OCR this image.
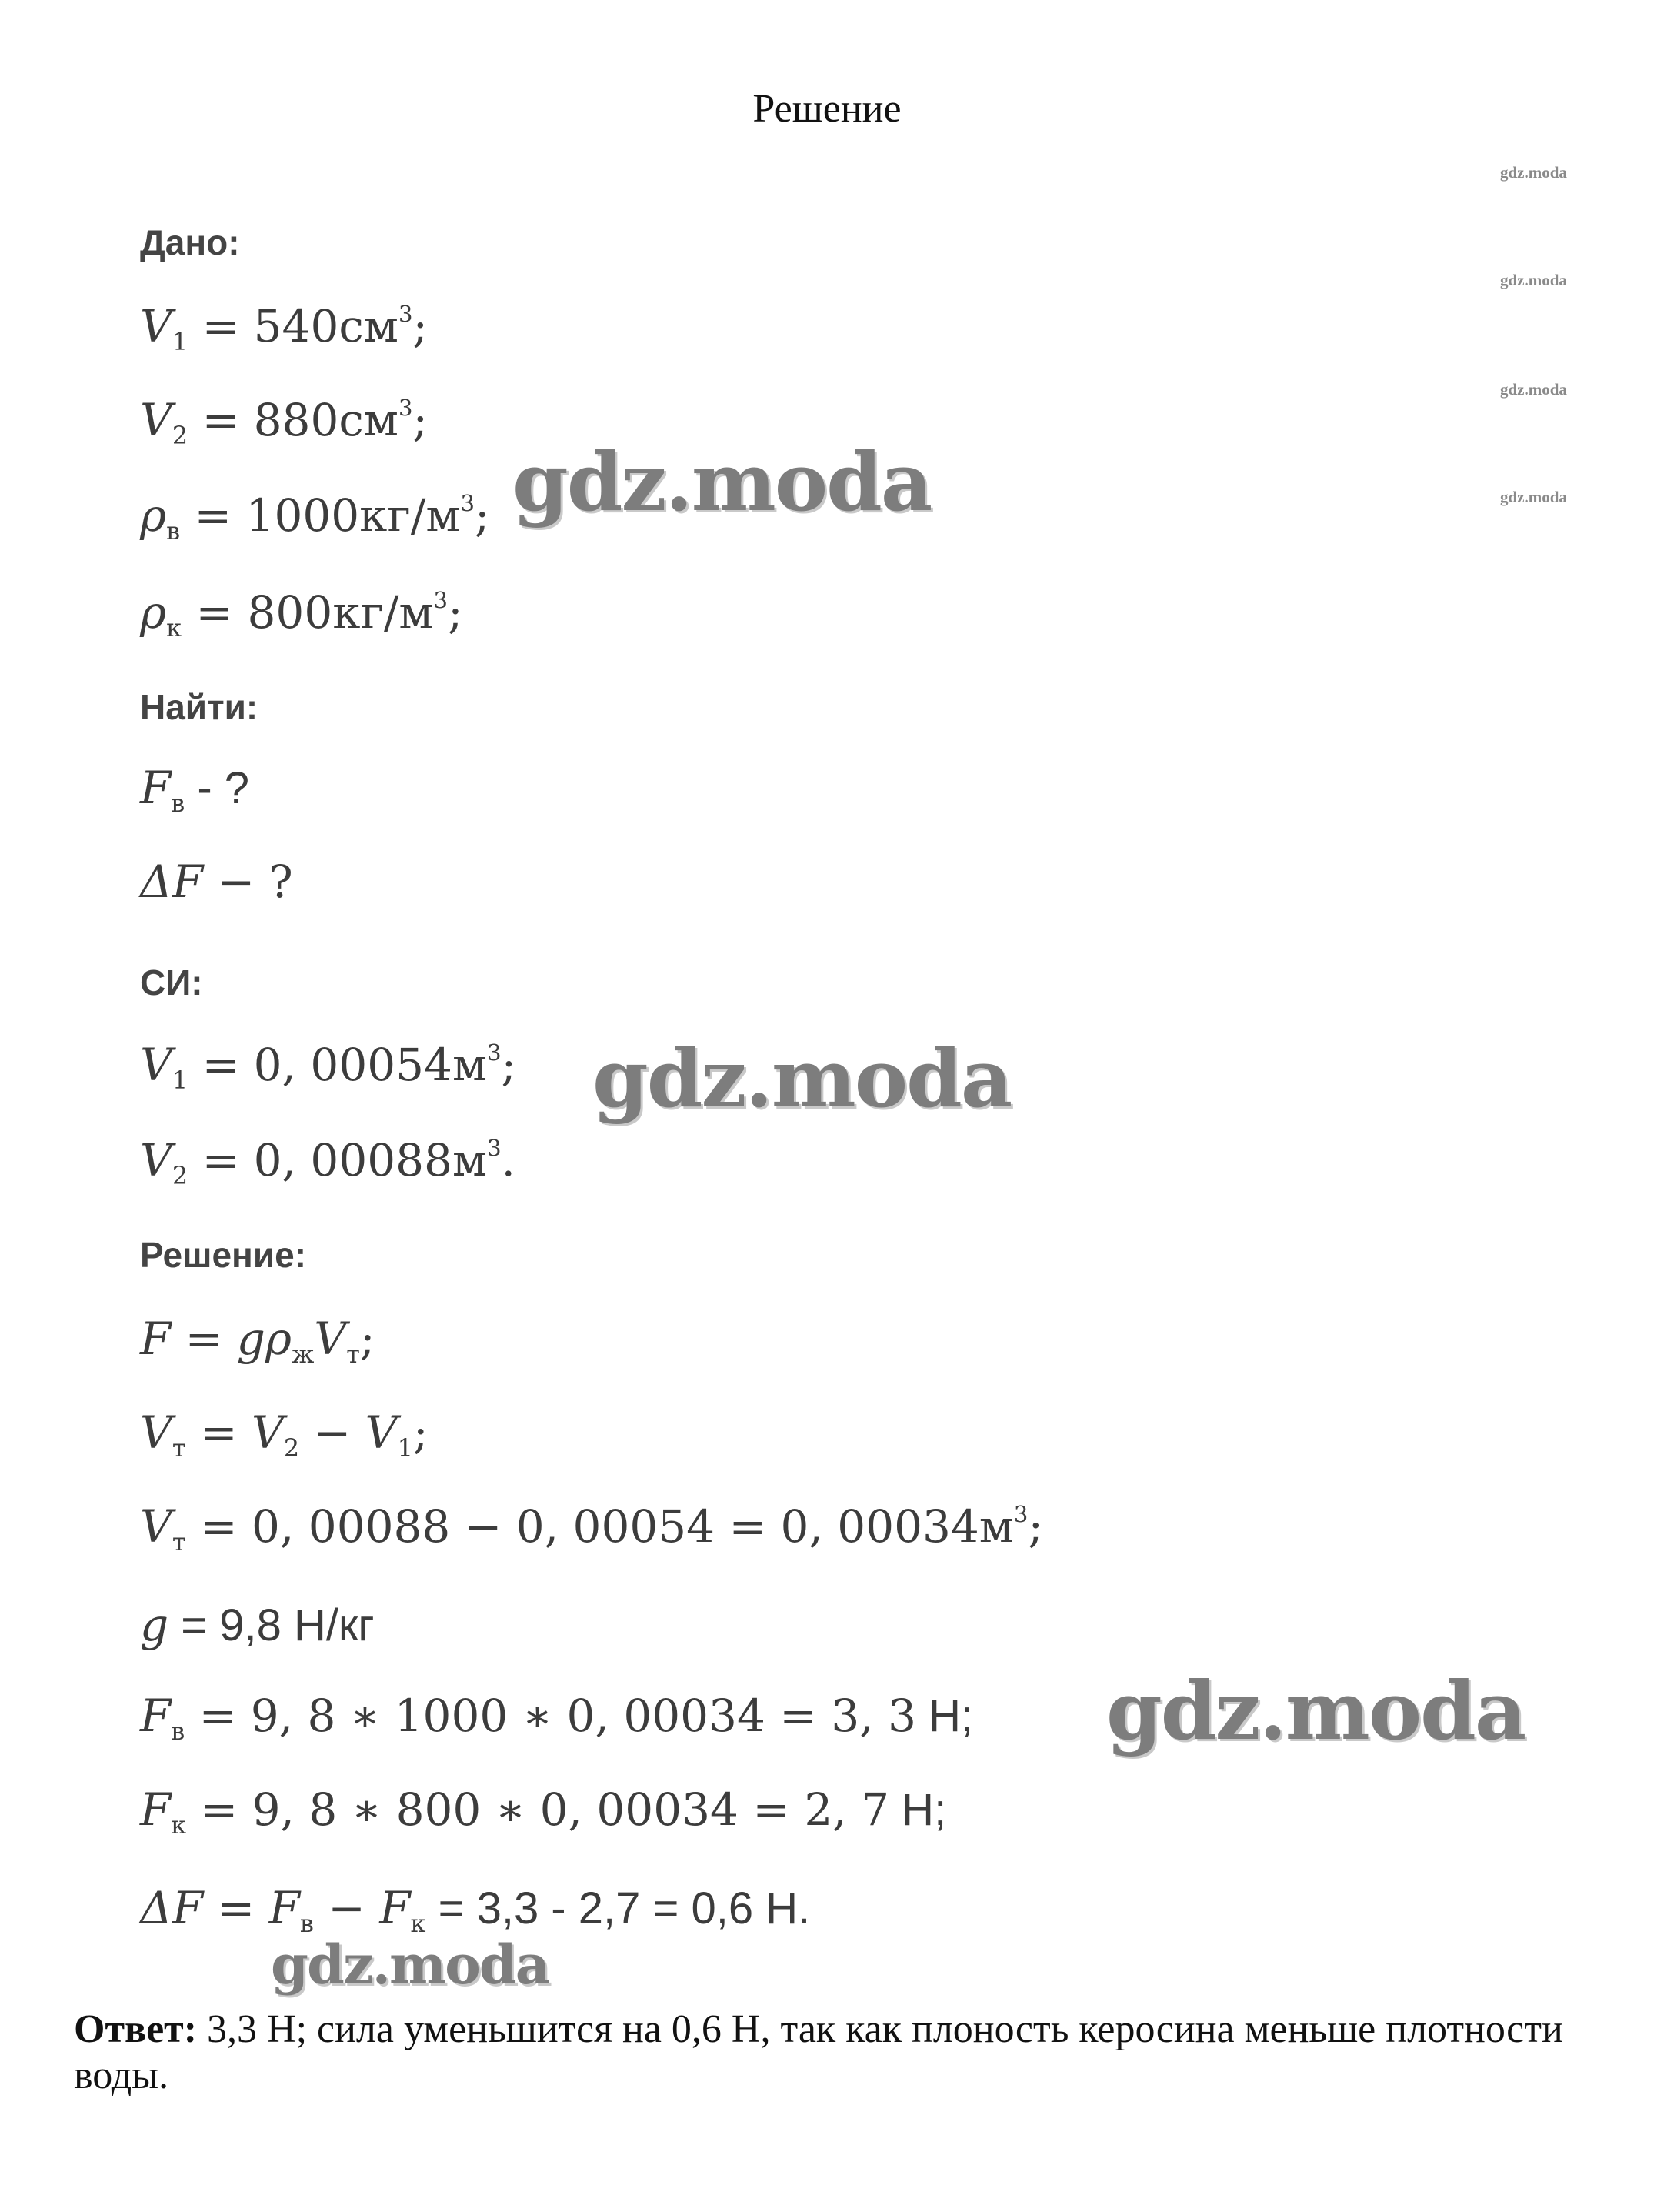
Решение
gdz.moda
gdz.moda
gdz.moda
gdz.moda
Дано:
$V_1 = 540см^3$;
$V_2 = 880см^3$;
$\rho_в = 1000кг/м^3$;
$\rho_к = 800кг/м^3$;
Найти:
$F_в$ - ?
ΔF − ?
СИ:
$V_1 = 0$, $00054м^3$;
$V_2 = 0$, $00088м^3$.
Решение:
$F = g\rho_жV_т$;
$V_т = V_2 - V_1$;
$V_т = 0$, 00088 − 0, 00054 = 0, $00034м^3$;
g = 9,8 Н/кг
$F_в = 9$, 8 ∗ 1000 ∗ 0, 00034 = 3, 3 Н;
$F_к = 9$, 8 ∗ 800 ∗ 0, 00034 = 2, 7 Н;
$\Delta F = F_в - F_к = 3,3 - 2,7 = 0,6$ Н.
gdz.moda
gdz.moda
gdz.moda
gdz.moda
Ответ: 3,3 Н; сила уменьшится на 0,6 Н, так как плоность керосина меньше плотности воды.
